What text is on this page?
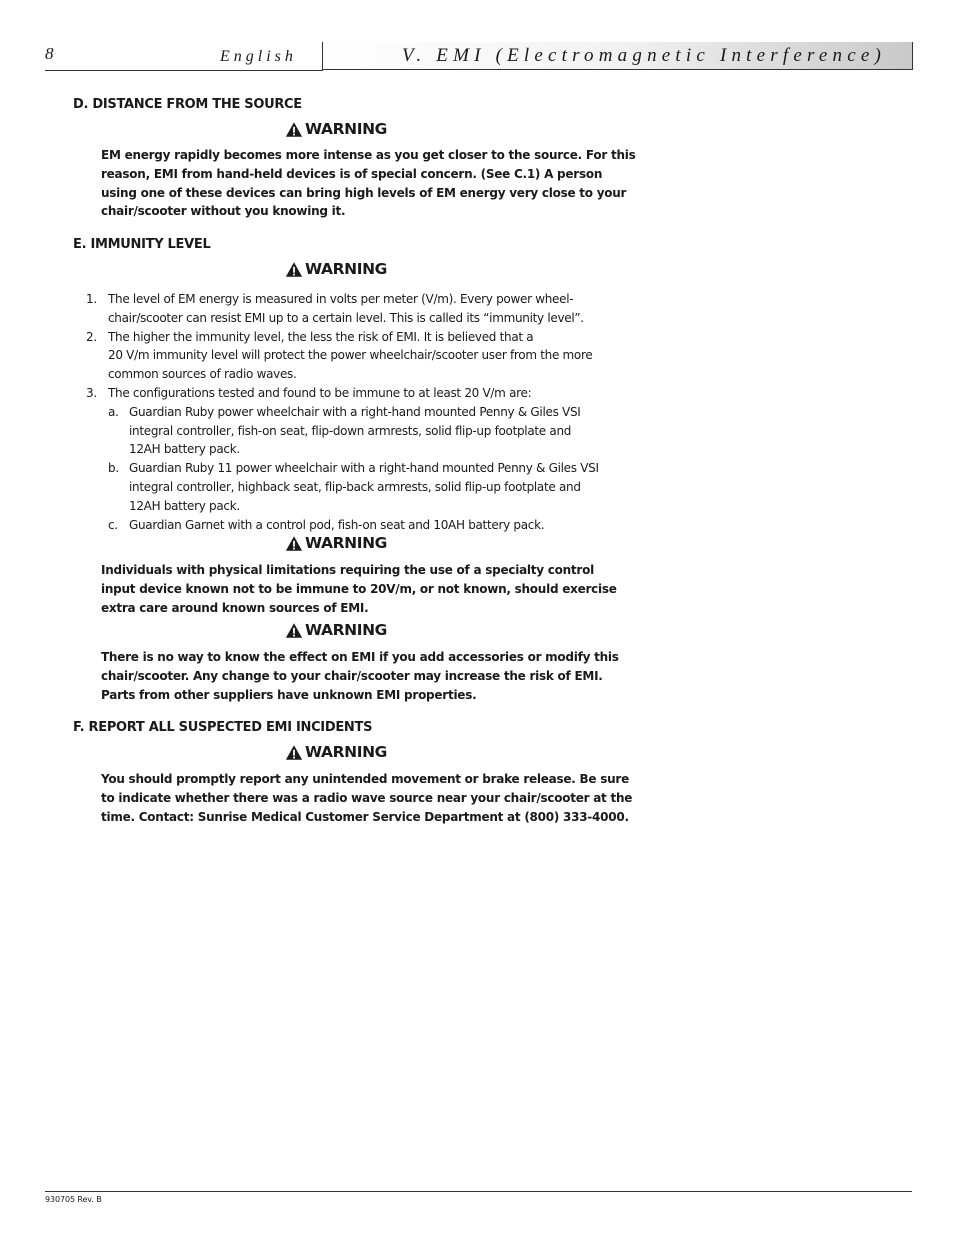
8	English	V. EMI (Electromagnetic Interference)
D. DISTANCE FROM THE SOURCE
WARNING
EM energy rapidly becomes more intense as you get closer to the source. For this
reason, EMI from hand-held devices is of special concern. (See C.1) A person
using one of these devices can bring high levels of EM energy very close to your
chair/scooter without you knowing it.
E. IMMUNITY LEVEL
WARNING
1. The level of EM energy is measured in volts per meter (V/m). Every power wheel-
chair/scooter can resist EMI up to a certain level. This is called its “immunity level”.
2. The higher the immunity level, the less the risk of EMI. It is believed that a
20 V/m immunity level will protect the power wheelchair/scooter user from the more
common sources of radio waves.
3. The configurations tested and found to be immune to at least 20 V/m are:
a. Guardian Ruby power wheelchair with a right-hand mounted Penny & Giles VSI
integral controller, fish-on seat, flip-down armrests, solid flip-up footplate and
12AH battery pack.
b. Guardian Ruby 11 power wheelchair with a right-hand mounted Penny & Giles VSI
integral controller, highback seat, flip-back armrests, solid flip-up footplate and
12AH battery pack.
c. Guardian Garnet with a control pod, fish-on seat and 10AH battery pack.
WARNING
Individuals with physical limitations requiring the use of a specialty control
input device known not to be immune to 20V/m, or not known, should exercise
extra care around known sources of EMI.
WARNING
There is no way to know the effect on EMI if you add accessories or modify this
chair/scooter. Any change to your chair/scooter may increase the risk of EMI.
Parts from other suppliers have unknown EMI properties.
F. REPORT ALL SUSPECTED EMI INCIDENTS
WARNING
You should promptly report any unintended movement or brake release. Be sure
to indicate whether there was a radio wave source near your chair/scooter at the
time. Contact: Sunrise Medical Customer Service Department at (800) 333-4000.
930705 Rev. B
